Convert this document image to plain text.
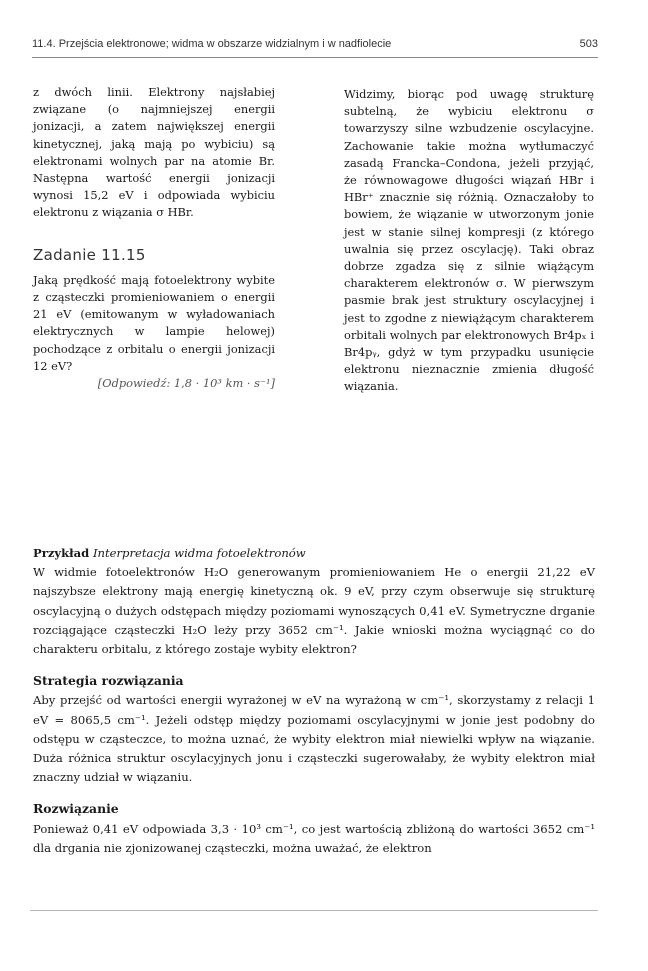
11.4. Przejścia elektronowe; widma w obszarze widzialnym i w nadfiolecie	503

z dwóch linii. Elektrony najsłabiej związane (o najmniejszej energii jonizacji, a zatem największej energii kinetycznej, jaką mają po wybiciu) są elektronami wolnych par na atomie Br. Następna wartość energii jonizacji wynosi 15,2 eV i odpowiada wybiciu elektronu z wiązania σ HBr.

Zadanie 11.15

Jaką prędkość mają fotoelektrony wybite z cząsteczki promieniowaniem o energii 21 eV (emitowanym w wyładowaniach elektrycznych w lampie helowej) pochodzące z orbitalu o energii jonizacji 12 eV?

[Odpowiedź: 1,8 · 10³ km · s⁻¹]

Widzimy, biorąc pod uwagę strukturę subtelną, że wybiciu elektronu σ towarzyszy silne wzbudzenie oscylacyjne. Zachowanie takie można wytłumaczyć zasadą Francka–Condona, jeżeli przyjąć, że równowagowe długości wiązań HBr i HBr⁺ znacznie się różnią. Oznaczałoby to bowiem, że wiązanie w utworzonym jonie jest w stanie silnej kompresji (z którego uwalnia się przez oscylację). Taki obraz dobrze zgadza się z silnie wiążącym charakterem elektronów σ. W pierwszym pasmie brak jest struktury oscylacyjnej i jest to zgodne z niewiążącym charakterem orbitali wolnych par elektronowych Br4pₓ i Br4pᵧ, gdyż w tym przypadku usunięcie elektronu nieznacznie zmienia długość wiązania.

Przykład Interpretacja widma fotoelektronów

W widmie fotoelektronów H₂O generowanym promieniowaniem He o energii 21,22 eV najszybsze elektrony mają energię kinetyczną ok. 9 eV, przy czym obserwuje się strukturę oscylacyjną o dużych odstępach między poziomami wynoszących 0,41 eV. Symetryczne drganie rozciągające cząsteczki H₂O leży przy 3652 cm⁻¹. Jakie wnioski można wyciągnąć co do charakteru orbitalu, z którego zostaje wybity elektron?

Strategia rozwiązania

Aby przejść od wartości energii wyrażonej w eV na wyrażoną w cm⁻¹, skorzystamy z relacji 1 eV = 8065,5 cm⁻¹. Jeżeli odstęp między poziomami oscylacyjnymi w jonie jest podobny do odstępu w cząsteczce, to można uznać, że wybity elektron miał niewielki wpływ na wiązanie. Duża różnica struktur oscylacyjnych jonu i cząsteczki sugerowałaby, że wybity elektron miał znaczny udział w wiązaniu.

Rozwiązanie

Ponieważ 0,41 eV odpowiada 3,3 · 10³ cm⁻¹, co jest wartością zbliżoną do wartości 3652 cm⁻¹ dla drgania nie zjonizowanej cząsteczki, można uważać, że elektron
